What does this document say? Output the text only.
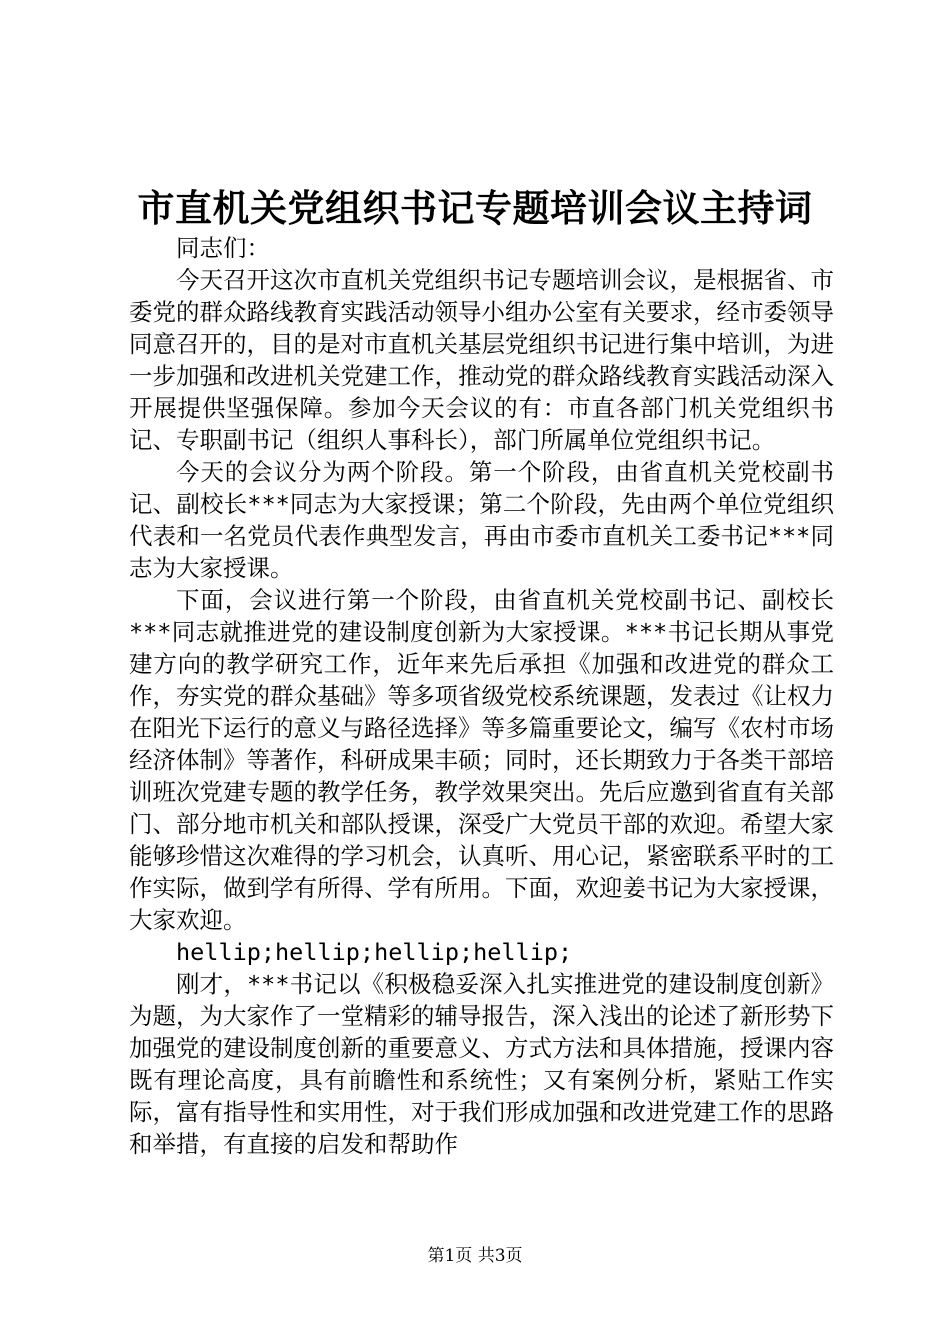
市直机关党组织书记专题培训会议主持词

同志们：

今天召开这次市直机关党组织书记专题培训会议，是根据省、市委党的群众路线教育实践活动领导小组办公室有关要求，经市委领导同意召开的，目的是对市直机关基层党组织书记进行集中培训，为进一步加强和改进机关党建工作，推动党的群众路线教育实践活动深入开展提供坚强保障。参加今天会议的有：市直各部门机关党组织书记、专职副书记（组织人事科长），部门所属单位党组织书记。

今天的会议分为两个阶段。第一个阶段，由省直机关党校副书记、副校长***同志为大家授课；第二个阶段，先由两个单位党组织代表和一名党员代表作典型发言，再由市委市直机关工委书记***同志为大家授课。

下面，会议进行第一个阶段，由省直机关党校副书记、副校长***同志就推进党的建设制度创新为大家授课。***书记长期从事党建方向的教学研究工作，近年来先后承担《加强和改进党的群众工作，夯实党的群众基础》等多项省级党校系统课题，发表过《让权力在阳光下运行的意义与路径选择》等多篇重要论文，编写《农村市场经济体制》等著作，科研成果丰硕；同时，还长期致力于各类干部培训班次党建专题的教学任务，教学效果突出。先后应邀到省直有关部门、部分地市机关和部队授课，深受广大党员干部的欢迎。希望大家能够珍惜这次难得的学习机会，认真听、用心记，紧密联系平时的工作实际，做到学有所得、学有所用。下面，欢迎姜书记为大家授课，大家欢迎。

hellip;hellip;hellip;hellip;

刚才，***书记以《积极稳妥深入扎实推进党的建设制度创新》为题，为大家作了一堂精彩的辅导报告，深入浅出的论述了新形势下加强党的建设制度创新的重要意义、方式方法和具体措施，授课内容既有理论高度，具有前瞻性和系统性；又有案例分析，紧贴工作实际，富有指导性和实用性，对于我们形成加强和改进党建工作的思路和举措，有直接的启发和帮助作

第1页 共3页
